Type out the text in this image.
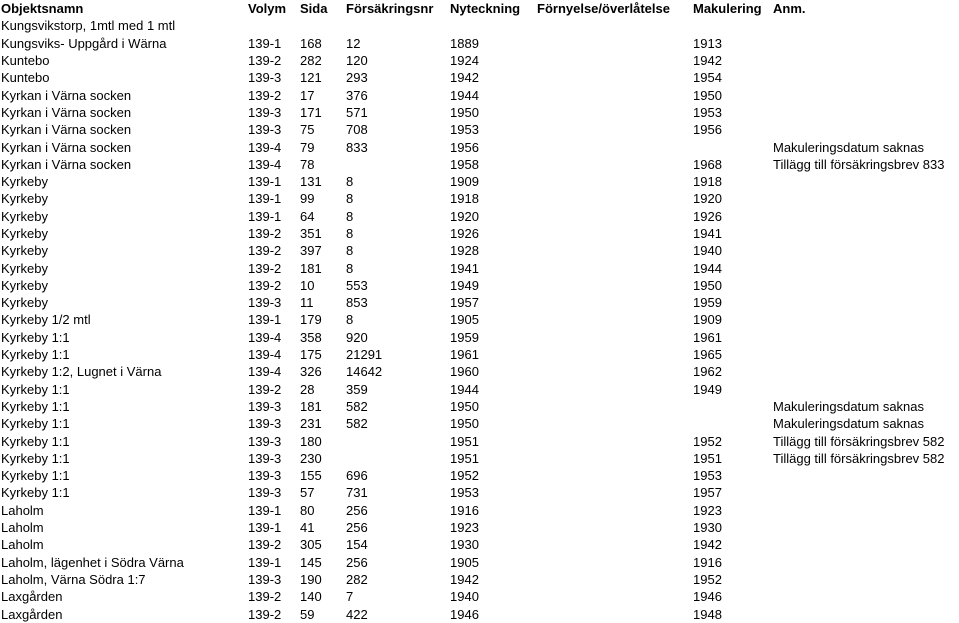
Objektsnamn	Volym	Sida	Försäkringsnr	Nyteckning	Förnyelse/överlåtelse	Makulering	Anm.
Kungsvikstorp, 1mtl med 1 mtl							
Kungsviks- Uppgård i Wärna	139-1	168	12	1889		1913	
Kuntebo	139-2	282	120	1924		1942	
Kuntebo	139-3	121	293	1942		1954	
Kyrkan i Värna socken	139-2	17	376	1944		1950	
Kyrkan i Värna socken	139-3	171	571	1950		1953	
Kyrkan i Värna socken	139-3	75	708	1953		1956	
Kyrkan i Värna socken	139-4	79	833	1956			Makuleringsdatum saknas
Kyrkan i Värna socken	139-4	78		1958		1968	Tillägg till försäkringsbrev 833
Kyrkeby	139-1	131	8	1909		1918	
Kyrkeby	139-1	99	8	1918		1920	
Kyrkeby	139-1	64	8	1920		1926	
Kyrkeby	139-2	351	8	1926		1941	
Kyrkeby	139-2	397	8	1928		1940	
Kyrkeby	139-2	181	8	1941		1944	
Kyrkeby	139-2	10	553	1949		1950	
Kyrkeby	139-3	11	853	1957		1959	
Kyrkeby 1/2 mtl	139-1	179	8	1905		1909	
Kyrkeby 1:1	139-4	358	920	1959		1961	
Kyrkeby 1:1	139-4	175	21291	1961		1965	
Kyrkeby 1:2, Lugnet i Värna	139-4	326	14642	1960		1962	
Kyrkeby 1:1	139-2	28	359	1944		1949	
Kyrkeby 1:1	139-3	181	582	1950			Makuleringsdatum saknas
Kyrkeby 1:1	139-3	231	582	1950			Makuleringsdatum saknas
Kyrkeby 1:1	139-3	180		1951		1952	Tillägg till försäkringsbrev 582
Kyrkeby 1:1	139-3	230		1951		1951	Tillägg till försäkringsbrev 582
Kyrkeby 1:1	139-3	155	696	1952		1953	
Kyrkeby 1:1	139-3	57	731	1953		1957	
Laholm	139-1	80	256	1916		1923	
Laholm	139-1	41	256	1923		1930	
Laholm	139-2	305	154	1930		1942	
Laholm, lägenhet i Södra Värna	139-1	145	256	1905		1916	
Laholm, Värna Södra 1:7	139-3	190	282	1942		1952	
Laxgården	139-2	140	7	1940		1946	
Laxgården	139-2	59	422	1946		1948	
